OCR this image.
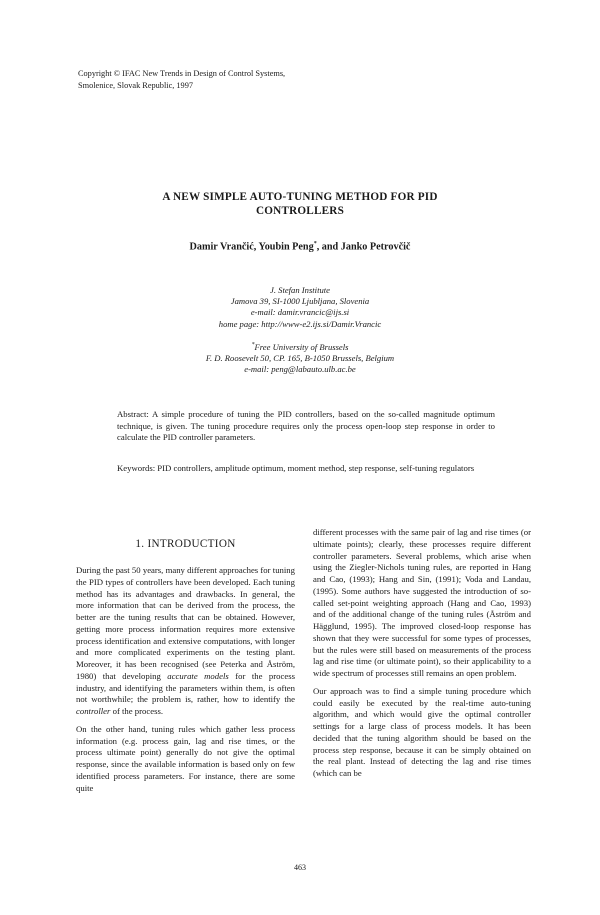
Copyright © IFAC New Trends in Design of Control Systems,
Smolenice, Slovak Republic, 1997
A NEW SIMPLE AUTO-TUNING METHOD FOR PID
CONTROLLERS
Damir Vrančić, Youbin Peng*, and Janko Petrovčič
J. Stefan Institute
Jamova 39, SI-1000 Ljubljana, Slovenia
e-mail: damir.vrancic@ijs.si
home page: http://www-e2.ijs.si/Damir.Vrancic
*Free University of Brussels
F. D. Roosevelt 50, CP. 165, B-1050 Brussels, Belgium
e-mail: peng@labauto.ulb.ac.be
Abstract: A simple procedure of tuning the PID controllers, based on the so-called magnitude optimum technique, is given. The tuning procedure requires only the process open-loop step response in order to calculate the PID controller parameters.
Keywords: PID controllers, amplitude optimum, moment method, step response, self-tuning regulators
1. INTRODUCTION

During the past 50 years, many different approaches for tuning the PID types of controllers have been developed. Each tuning method has its advantages and drawbacks. In general, the more information that can be derived from the process, the better are the tuning results that can be obtained. However, getting more process information requires more extensive process identification and extensive computations, with longer and more complicated experiments on the testing plant. Moreover, it has been recognised (see Peterka and Åström, 1980) that developing accurate models for the process industry, and identifying the parameters within them, is often not worthwhile; the problem is, rather, how to identify the controller of the process.

On the other hand, tuning rules which gather less process information (e.g. process gain, lag and rise times, or the process ultimate point) generally do not give the optimal response, since the available information is based only on few identified process parameters. For instance, there are some quite

different processes with the same pair of lag and rise times (or ultimate points); clearly, these processes require different controller parameters. Several problems, which arise when using the Ziegler-Nichols tuning rules, are reported in Hang and Cao, (1993); Hang and Sin, (1991); Voda and Landau, (1995). Some authors have suggested the introduction of so-called set-point weighting approach (Hang and Cao, 1993) and of the additional change of the tuning rules (Åström and Hägglund, 1995). The improved closed-loop response has shown that they were successful for some types of processes, but the rules were still based on measurements of the process lag and rise time (or ultimate point), so their applicability to a wide spectrum of processes still remains an open problem.

Our approach was to find a simple tuning procedure which could easily be executed by the real-time auto-tuning algorithm, and which would give the optimal controller settings for a large class of process models. It has been decided that the tuning algorithm should be based on the process step response, because it can be simply obtained on the real plant. Instead of detecting the lag and rise times (which can be

463
